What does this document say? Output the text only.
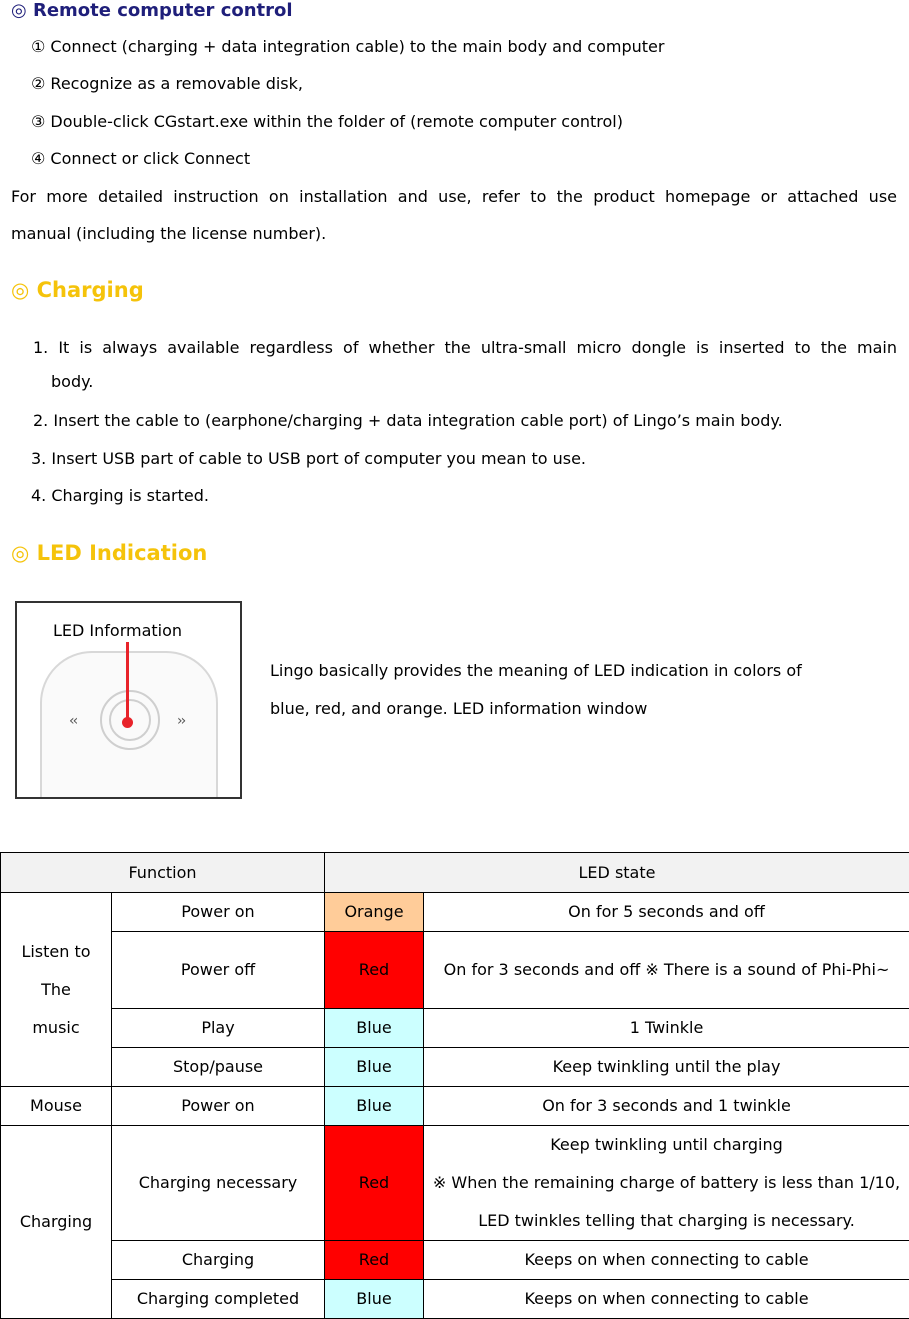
◎ Remote computer control
① Connect (charging + data integration cable) to the main body and computer
② Recognize as a removable disk,
③ Double-click CGstart.exe within the folder of (remote computer control)
④ Connect or click Connect
For more detailed instruction on installation and use, refer to the product homepage or attached use
manual (including the license number).
◎ Charging
1. It is always available regardless of whether the ultra-small micro dongle is inserted to the main
body.
2. Insert the cable to (earphone/charging + data integration cable port) of Lingo’s main body.
3. Insert USB part of cable to USB port of computer you mean to use.
4. Charging is started.
◎ LED Indication
‹‹	››
LED Information
Lingo basically provides the meaning of LED indication in colors of
blue, red, and orange. LED information window
Function		LED state	
Listen to The music	Power on	Orange	On for 5 seconds and off
	Power off	Red	On for 3 seconds and off ※ There is a sound of Phi-Phi~
	Play	Blue	1 Twinkle
	Stop/pause	Blue	Keep twinkling until the play
Mouse	Power on	Blue	On for 3 seconds and 1 twinkle
Charging	Charging necessary	Red	Keep twinkling until charging
※ When the remaining charge of battery is less than 1/10, LED twinkles telling that charging is necessary.

	Charging	Red	Keeps on when connecting to cable
	Charging completed	Blue	Keeps on when connecting to cable
